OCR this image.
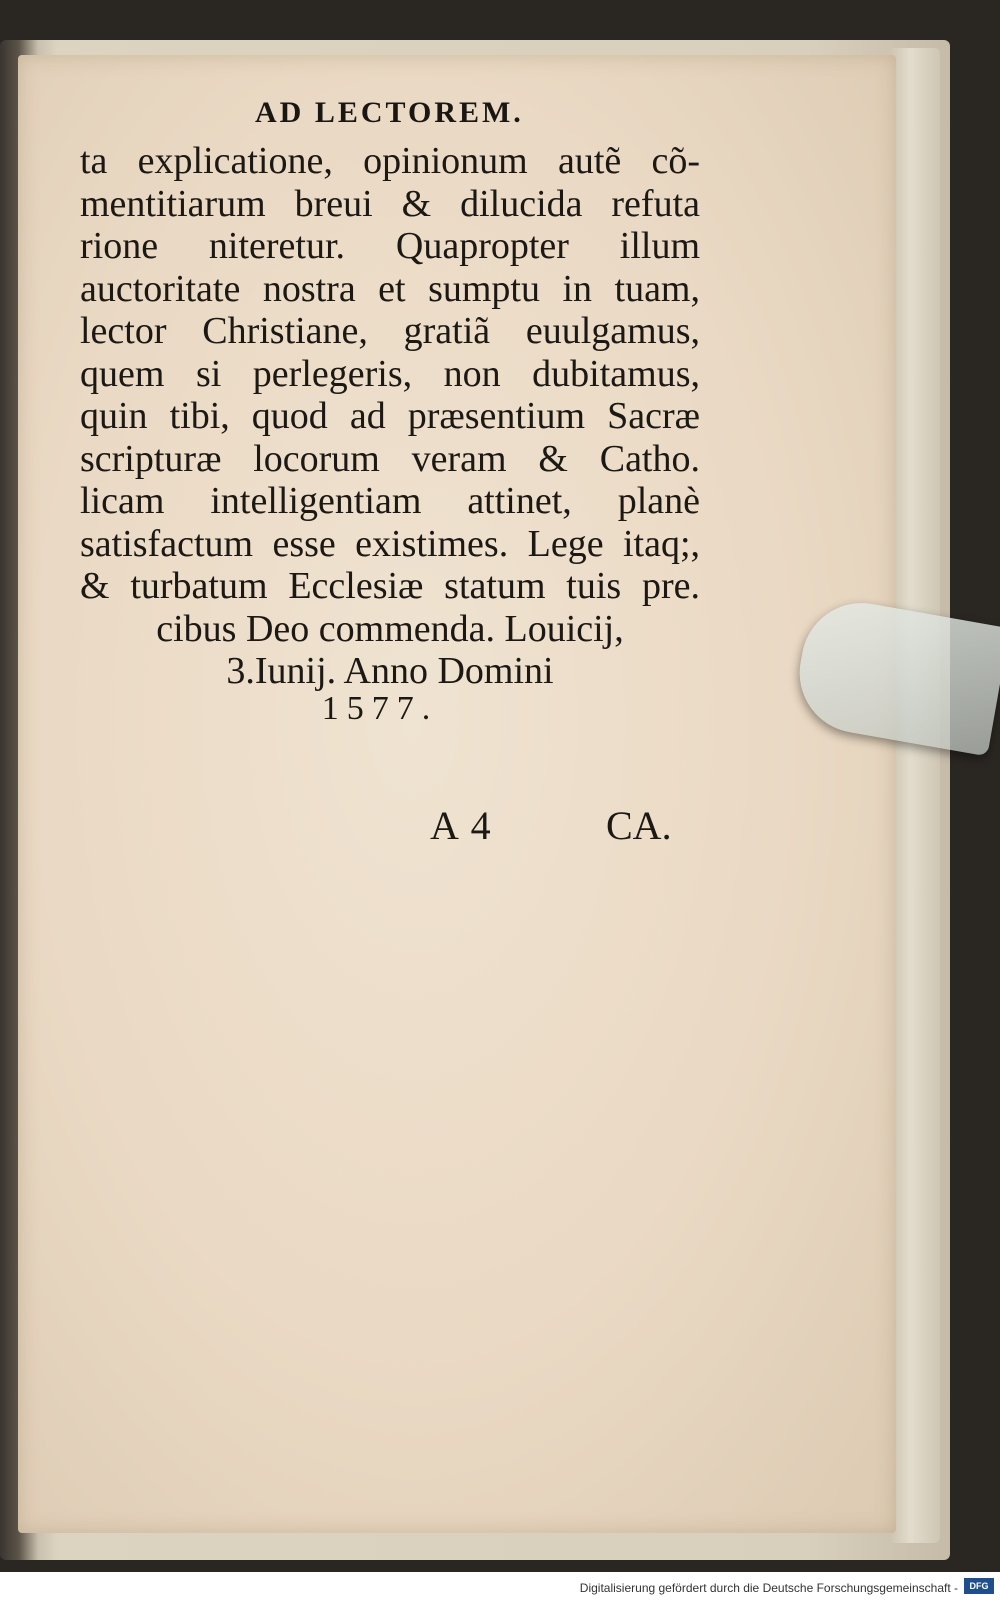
AD LECTOREM.
ta explicatione, opinionum autẽ cõ-
mentitiarum breui & dilucida refuta
rione niteretur. Quapropter illum
auctoritate nostra et sumptu in tuam,
lector Christiane, gratiã euulgamus,
quem si perlegeris, non dubitamus,
quin tibi, quod ad præsentium Sacræ
scripturæ locorum veram & Catho.
licam intelligentiam attinet, planè
satisfactum esse existimes. Lege itaq;,
& turbatum Ecclesiæ statum tuis pre.
cibus Deo commenda. Louicij,
3.Iunij. Anno Domini
1577.
A 4	CA.
Digitalisierung gefördert durch die Deutsche Forschungsgemeinschaft -	DFG
